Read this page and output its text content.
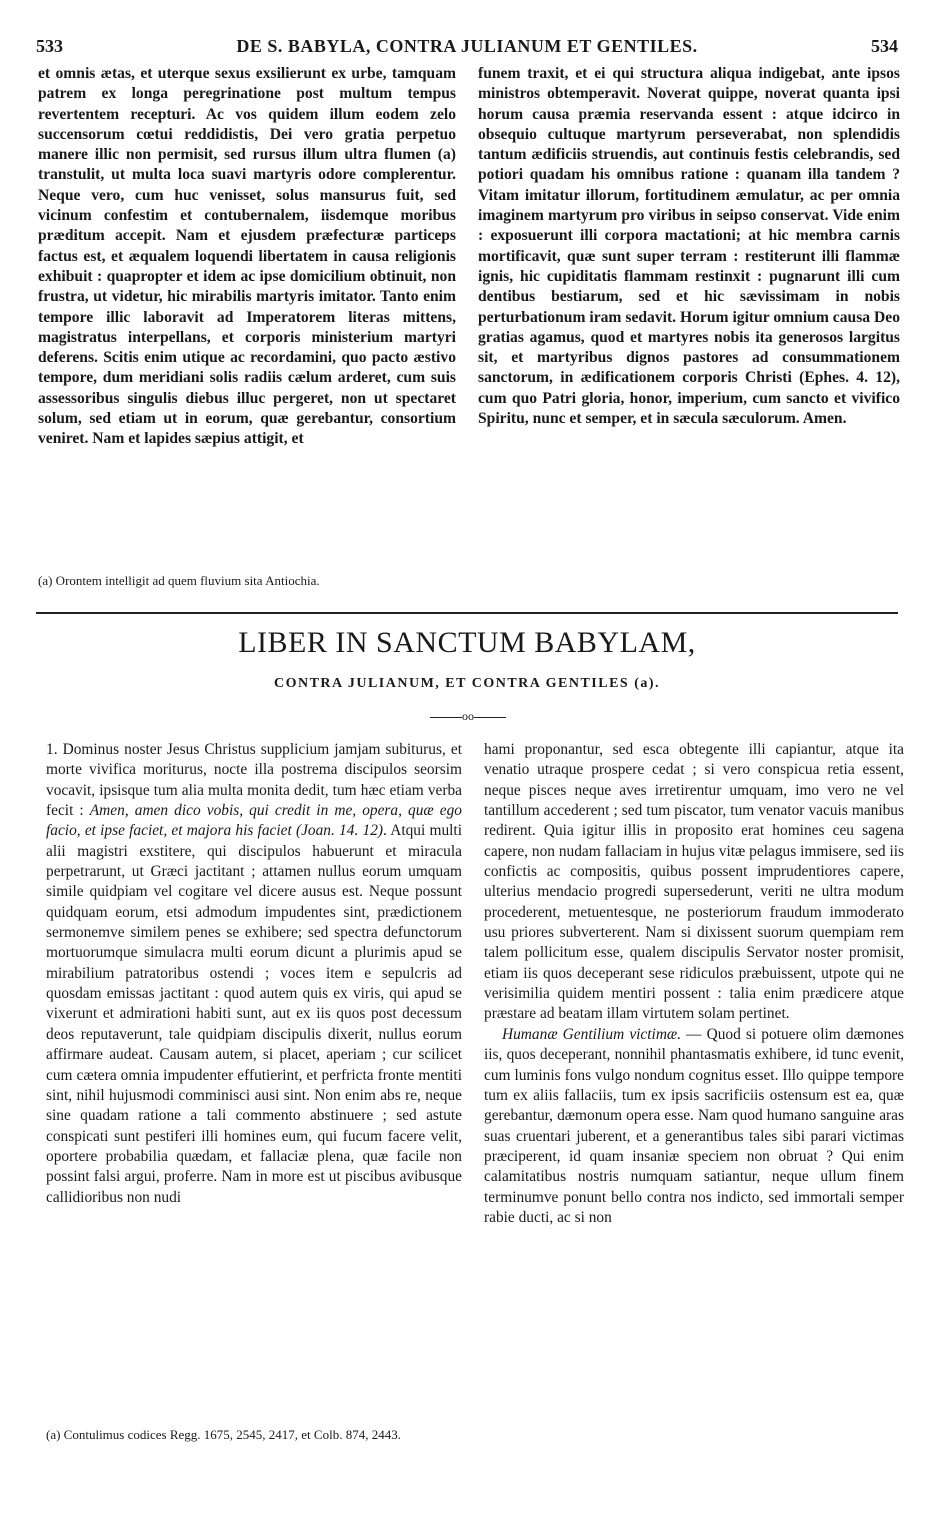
533	DE S. BABYLA, CONTRA JULIANUM ET GENTILES.	534

et omnis ætas, et uterque sexus exsilierunt ex urbe, tamquam patrem ex longa peregrinatione post multum tempus revertentem recepturi. Ac vos quidem illum eodem zelo succensorum cœtui reddidistis, Dei vero gratia perpetuo manere illic non permisit, sed rursus illum ultra flumen (a) transtulit, ut multa loca suavi martyris odore complerentur. Neque vero, cum huc venisset, solus mansurus fuit, sed vicinum confestim et contubernalem, iisdemque moribus præditum accepit. Nam et ejusdem præfecturæ particeps factus est, et æqualem loquendi libertatem in causa religionis exhibuit : quapropter et idem ac ipse domicilium obtinuit, non frustra, ut videtur, hic mirabilis martyris imitator. Tanto enim tempore illic laboravit ad Imperatorem literas mittens, magistratus interpellans, et corporis ministerium martyri deferens. Scitis enim utique ac recordamini, quo pacto æstivo tempore, dum meridiani solis radiis cælum arderet, cum suis assessoribus singulis diebus illuc pergeret, non ut spectaret solum, sed etiam ut in eorum, quæ gerebantur, consortium veniret. Nam et lapides sæpius attigit, et

funem traxit, et ei qui structura aliqua indigebat, ante ipsos ministros obtemperavit. Noverat quippe, noverat quanta ipsi horum causa præmia reservanda essent : atque idcirco in obsequio cultuque martyrum perseverabat, non splendidis tantum ædificiis struendis, aut continuis festis celebrandis, sed potiori quadam his omnibus ratione : quanam illa tandem ? Vitam imitatur illorum, fortitudinem æmulatur, ac per omnia imaginem martyrum pro viribus in seipso conservat. Vide enim : exposuerunt illi corpora mactationi; at hic membra carnis mortificavit, quæ sunt super terram : restiterunt illi flammæ ignis, hic cupiditatis flammam restinxit : pugnarunt illi cum dentibus bestiarum, sed et hic sævissimam in nobis perturbationum iram sedavit. Horum igitur omnium causa Deo gratias agamus, quod et martyres nobis ita generosos largitus sit, et martyribus dignos pastores ad consummationem sanctorum, in ædificationem corporis Christi (Ephes. 4. 12), cum quo Patri gloria, honor, imperium, cum sancto et vivifico Spiritu, nunc et semper, et in sæcula sæculorum. Amen.

(a) Orontem intelligit ad quem fluvium sita Antiochia.
LIBER IN SANCTUM BABYLAM,
CONTRA JULIANUM, ET CONTRA GENTILES (a).
oo

1. Dominus noster Jesus Christus supplicium jamjam subiturus, et morte vivifica moriturus, nocte illa postrema discipulos seorsim vocavit, ipsisque tum alia multa monita dedit, tum hæc etiam verba fecit : Amen, amen dico vobis, qui credit in me, opera, quæ ego facio, et ipse faciet, et majora his faciet (Joan. 14. 12). Atqui multi alii magistri exstitere, qui discipulos habuerunt et miracula perpetrarunt, ut Græci jactitant ; attamen nullus eorum umquam simile quidpiam vel cogitare vel dicere ausus est. Neque possunt quidquam eorum, etsi admodum impudentes sint, prædictionem sermonemve similem penes se exhibere; sed spectra defunctorum mortuorumque simulacra multi eorum dicunt a plurimis apud se mirabilium patratoribus ostendi ; voces item e sepulcris ad quosdam emissas jactitant : quod autem quis ex viris, qui apud se vixerunt et admirationi habiti sunt, aut ex iis quos post decessum deos reputaverunt, tale quidpiam discipulis dixerit, nullus eorum affirmare audeat. Causam autem, si placet, aperiam ; cur scilicet cum cætera omnia impudenter effutierint, et perfricta fronte mentiti sint, nihil hujusmodi comminisci ausi sint. Non enim abs re, neque sine quadam ratione a tali commento abstinuere ; sed astute conspicati sunt pestiferi illi homines eum, qui fucum facere velit, oportere probabilia quædam, et fallaciæ plena, quæ facile non possint falsi argui, proferre. Nam in more est ut piscibus avibusque callidioribus non nudi

hami proponantur, sed esca obtegente illi capiantur, atque ita venatio utraque prospere cedat ; si vero conspicua retia essent, neque pisces neque aves irretirentur umquam, imo vero ne vel tantillum accederent ; sed tum piscator, tum venator vacuis manibus redirent. Quia igitur illis in proposito erat homines ceu sagena capere, non nudam fallaciam in hujus vitæ pelagus immisere, sed iis confictis ac compositis, quibus possent imprudentiores capere, ulterius mendacio progredi supersederunt, veriti ne ultra modum procederent, metuentesque, ne posteriorum fraudum immoderato usu priores subverterent. Nam si dixissent suorum quempiam rem talem pollicitum esse, qualem discipulis Servator noster promisit, etiam iis quos deceperant sese ridiculos præbuissent, utpote qui ne verisimilia quidem mentiri possent : talia enim prædicere atque præstare ad beatam illam virtutem solam pertinet.

Humanæ Gentilium victimæ. — Quod si potuere olim dæmones iis, quos deceperant, nonnihil phantasmatis exhibere, id tunc evenit, cum luminis fons vulgo nondum cognitus esset. Illo quippe tempore tum ex aliis fallaciis, tum ex ipsis sacrificiis ostensum est ea, quæ gerebantur, dæmonum opera esse. Nam quod humano sanguine aras suas cruentari juberent, et a generantibus tales sibi parari victimas præciperent, id quam insaniæ speciem non obruat ? Qui enim calamitatibus nostris numquam satiantur, neque ullum finem terminumve ponunt bello contra nos indicto, sed immortali semper rabie ducti, ac si non

(a) Contulimus codices Regg. 1675, 2545, 2417, et Colb. 874, 2443.
